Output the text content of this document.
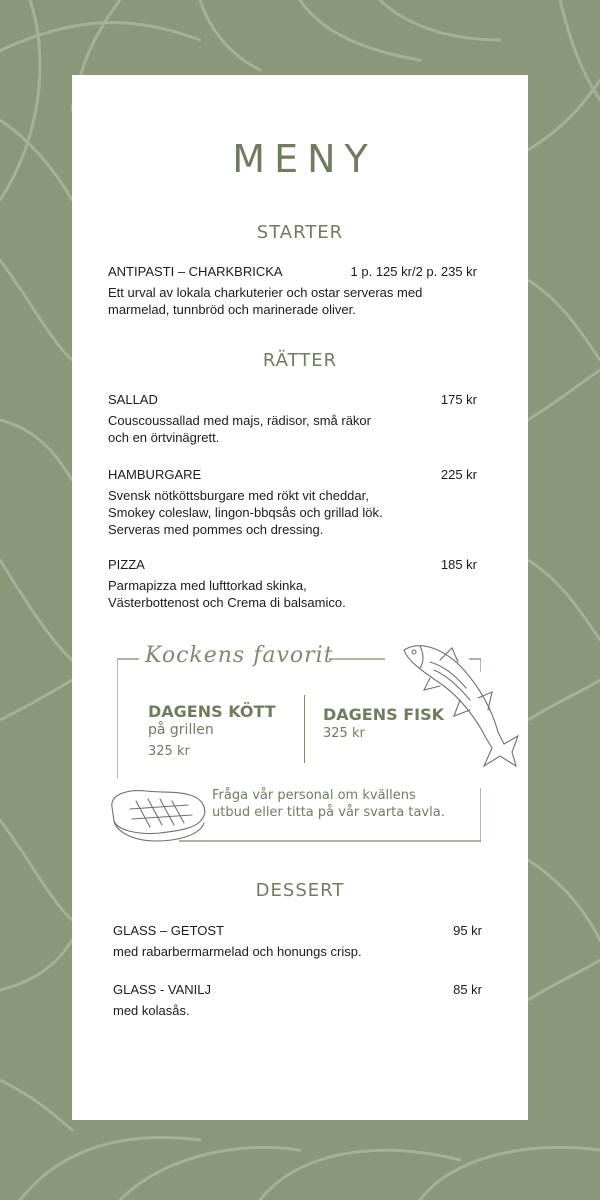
MENY
STARTER
ANTIPASTI – CHARKBRICKA	1 p. 125 kr/2 p. 235 kr
Ett urval av lokala charkuterier och ostar serveras med
marmelad, tunnbröd och marinerade oliver.
RÄTTER
SALLAD	175 kr
Couscoussallad med majs, rädisor, små räkor
och en örtvinägrett.
HAMBURGARE	225 kr
Svensk nötköttsburgare med rökt vit cheddar,
Smokey coleslaw, lingon-bbqsås och grillad lök.
Serveras med pommes och dressing.
PIZZA	185 kr
Parmapizza med lufttorkad skinka,
Västerbottenost och Crema di balsamico.
Kockens favorit
DAGENS KÖTT
på grillen
325 kr
DAGENS FISK
325 kr
Fråga vår personal om kvällens
utbud eller titta på vår svarta tavla.
DESSERT
GLASS – GETOST	95 kr
med rabarbermarmelad och honungs crisp.
GLASS - VANILJ	85 kr
med kolasås.
